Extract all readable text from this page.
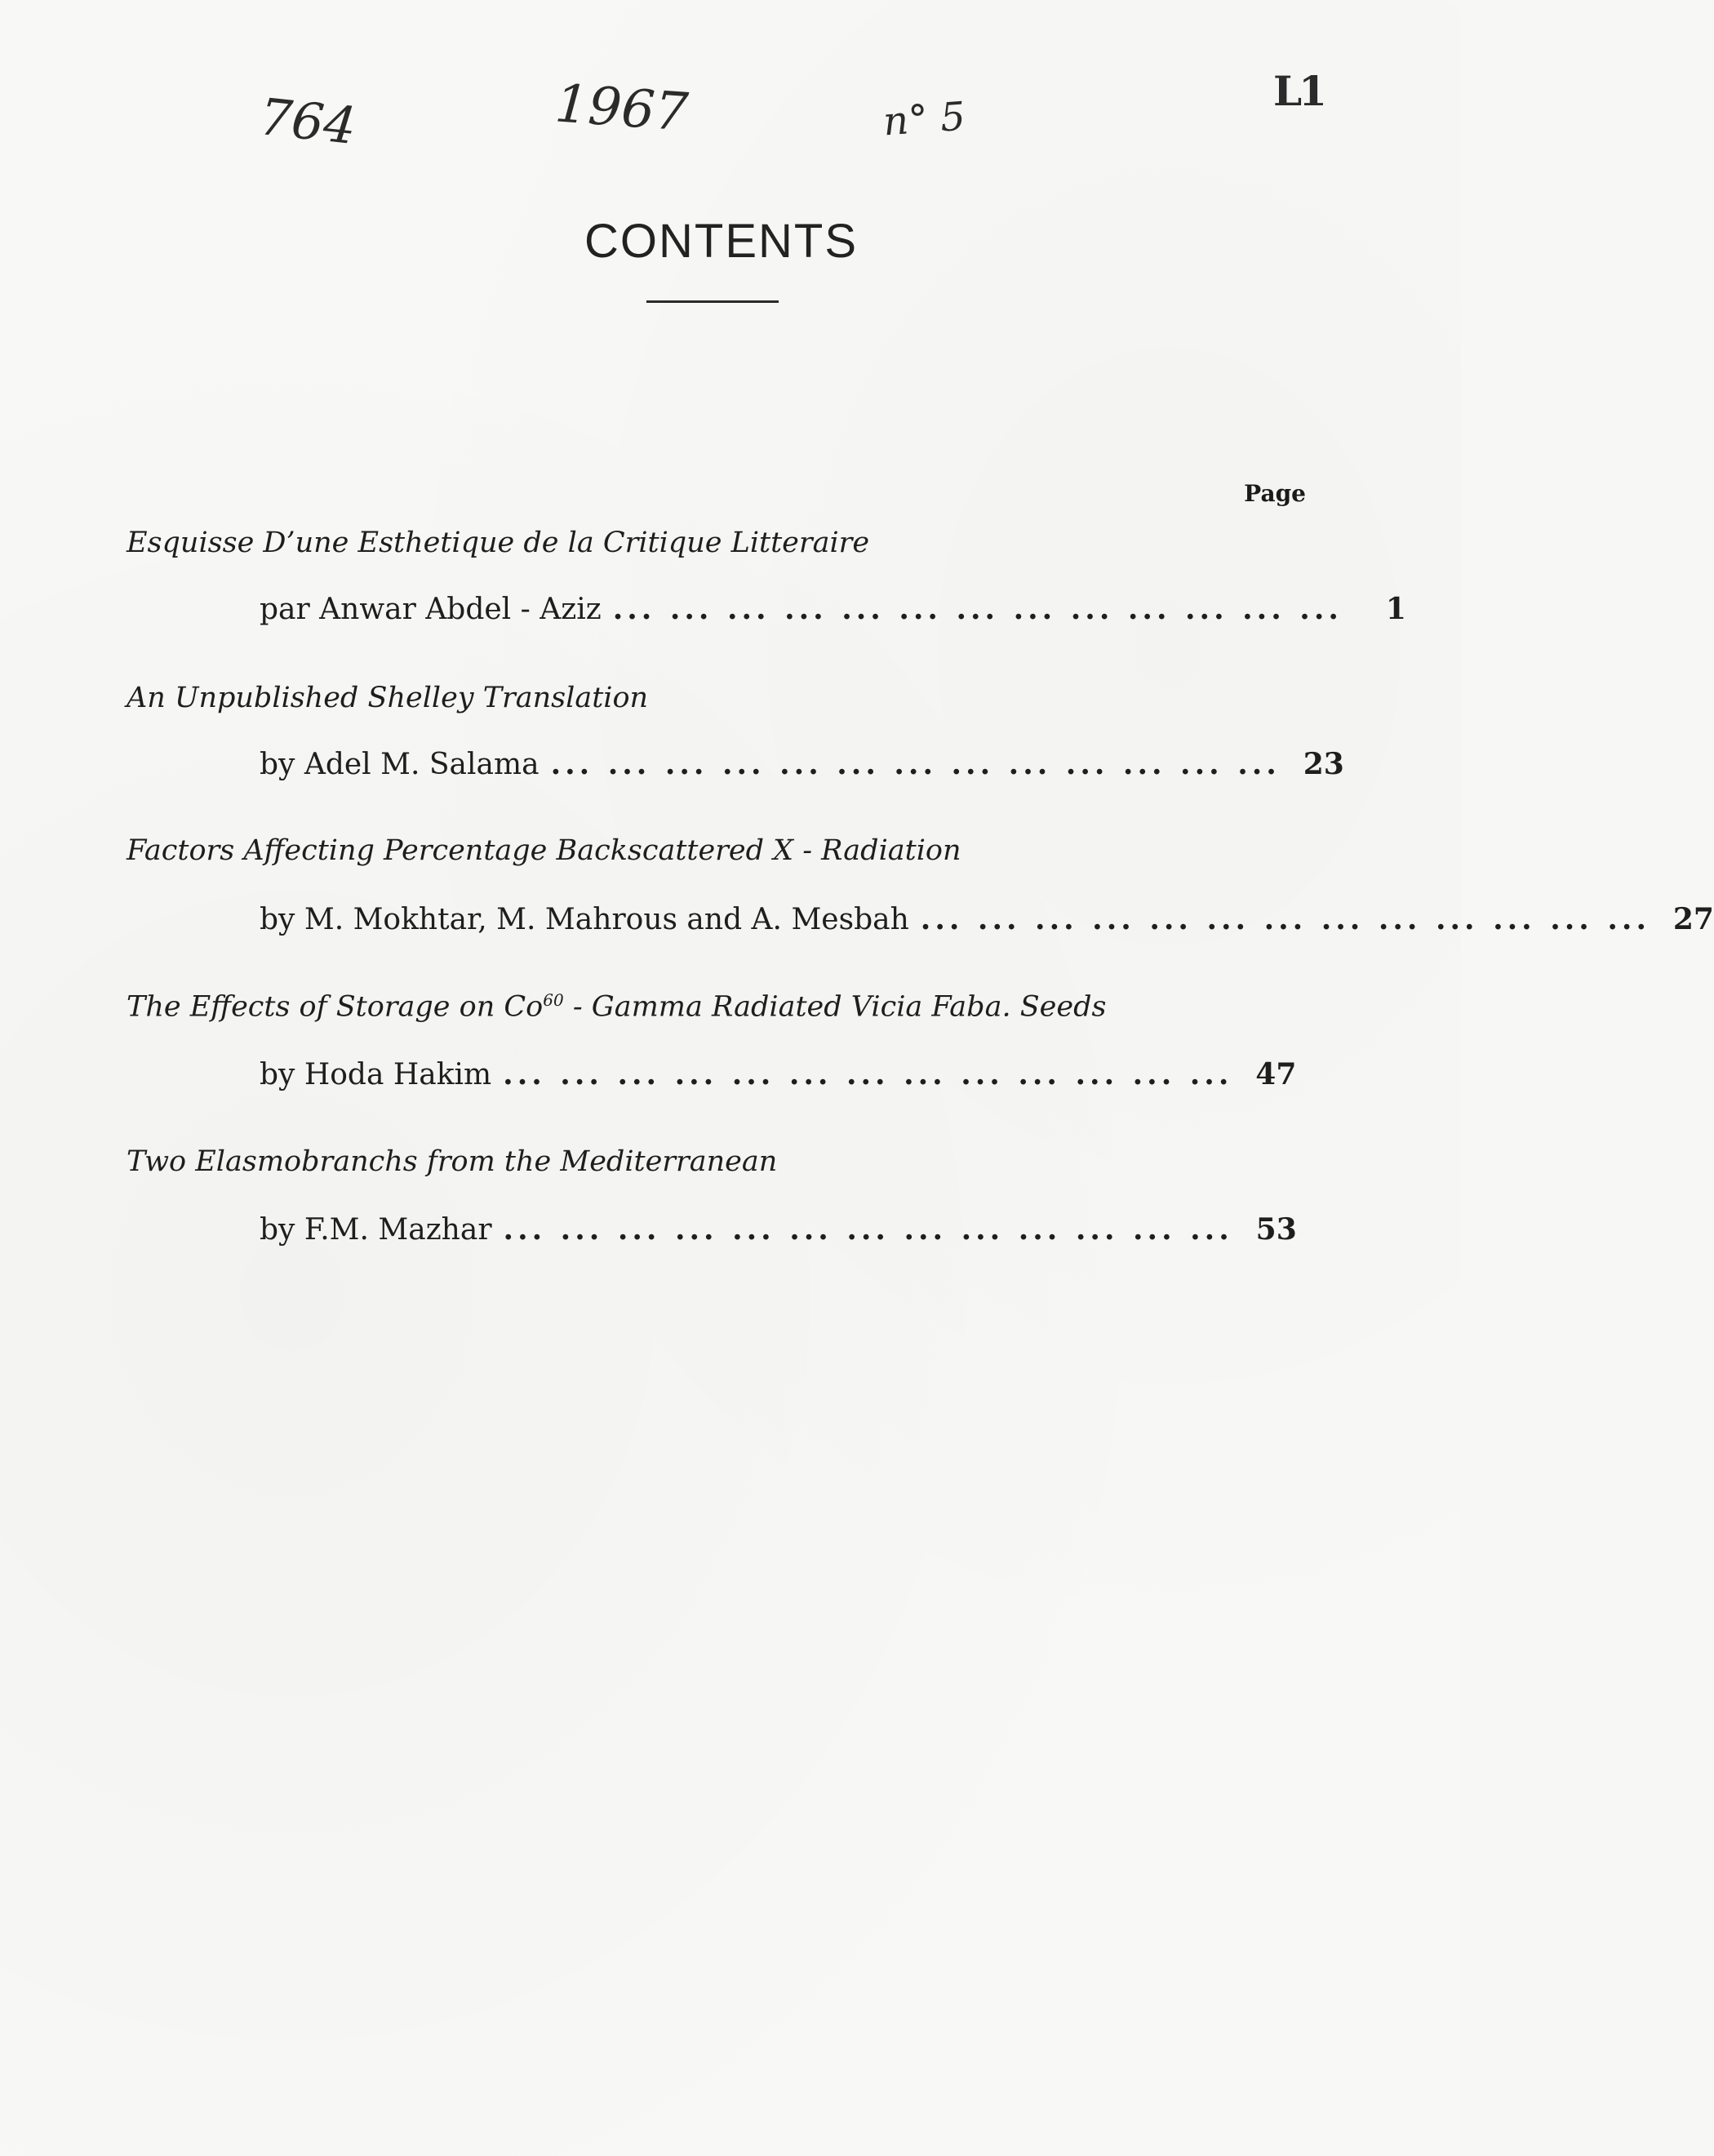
764	1967	n° 5
L1
CONTENTS
Page
Esquisse D’une Esthetique de la Critique Litteraire
par Anwar Abdel - Aziz ... ... ... ... ... ... ... ... ... ... ... ... ...	1
An Unpublished Shelley Translation
by Adel M. Salama ... ... ... ... ... ... ... ... ... ... ... ... ... 23
Factors Affecting Percentage Backscattered X - Radiation
by M. Mokhtar, M. Mahrous and A. Mesbah ... ... ... ... ... ... ... ... ... ... ... ... ... 27
The Effects of Storage on Co$^{60}$ - Gamma Radiated Vicia Faba. Seeds
by Hoda Hakim ... ... ... ... ... ... ... ... ... ... ... ... ... 47
Two Elasmobranchs from the Mediterranean
by F.M. Mazhar ... ... ... ... ... ... ... ... ... ... ... ... ... 53
